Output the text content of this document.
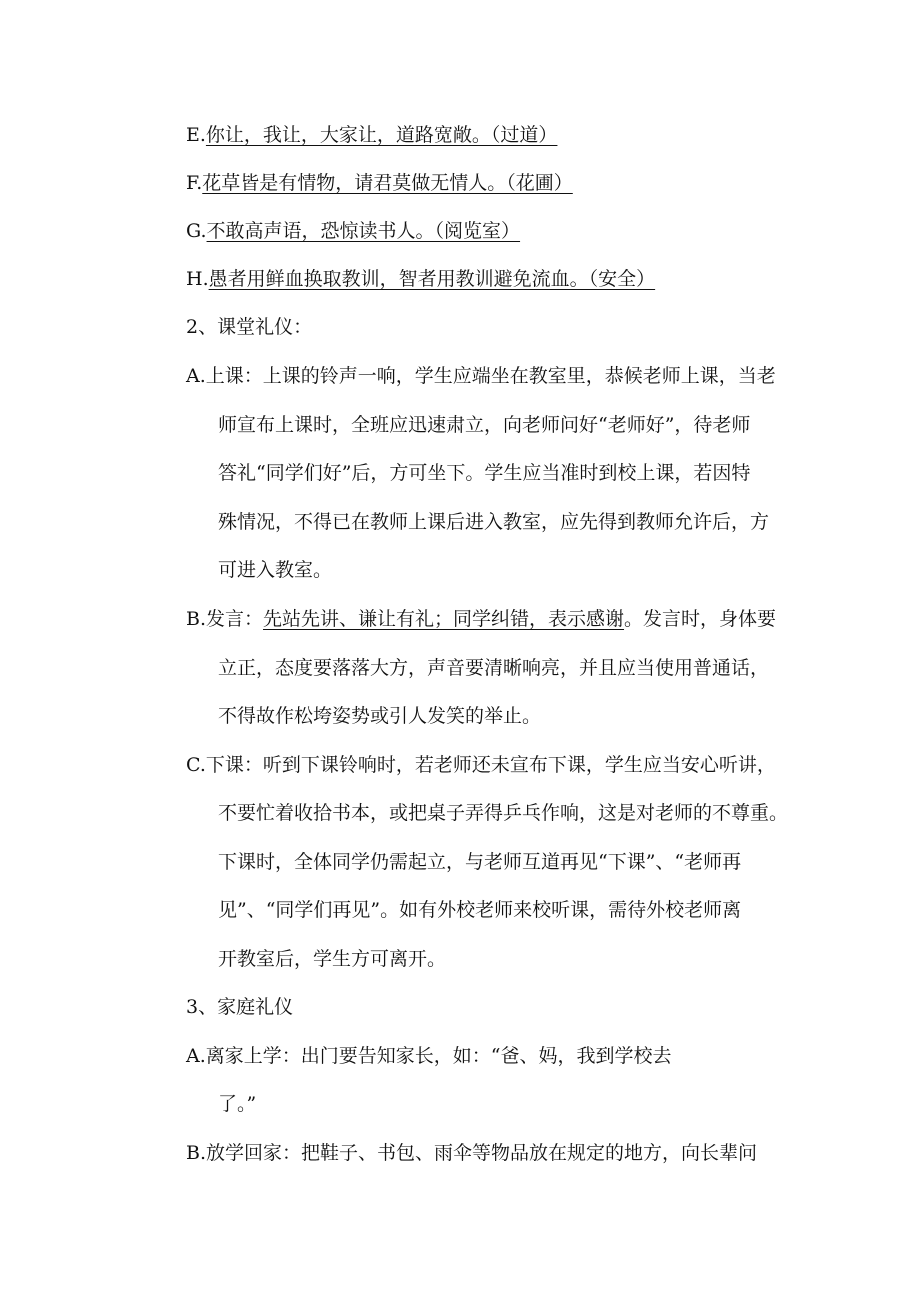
E.你让，我让，大家让，道路宽敞。（过道）
F.花草皆是有情物，请君莫做无情人。（花圃）
G.不敢高声语，恐惊读书人。（阅览室）
H.愚者用鲜血换取教训，智者用教训避免流血。（安全）
2、课堂礼仪：
A.上课：上课的铃声一响，学生应端坐在教室里，恭候老师上课，当老
师宣布上课时，全班应迅速肃立，向老师问好“老师好”，待老师
答礼“同学们好”后，方可坐下。学生应当准时到校上课，若因特
殊情况，不得已在教师上课后进入教室，应先得到教师允许后，方
可进入教室。
B.发言：先站先讲、谦让有礼；同学纠错，表示感谢。发言时，身体要
立正，态度要落落大方，声音要清晰响亮，并且应当使用普通话，
不得故作松垮姿势或引人发笑的举止。
C.下课：听到下课铃响时，若老师还未宣布下课，学生应当安心听讲，
不要忙着收拾书本，或把桌子弄得乒乓作响，这是对老师的不尊重。
下课时，全体同学仍需起立，与老师互道再见“下课”、“老师再
见”、“同学们再见”。如有外校老师来校听课，需待外校老师离
开教室后，学生方可离开。
3、家庭礼仪
A.离家上学：出门要告知家长，如：“爸、妈，我到学校去
了。”
B.放学回家：把鞋子、书包、雨伞等物品放在规定的地方，向长辈问
